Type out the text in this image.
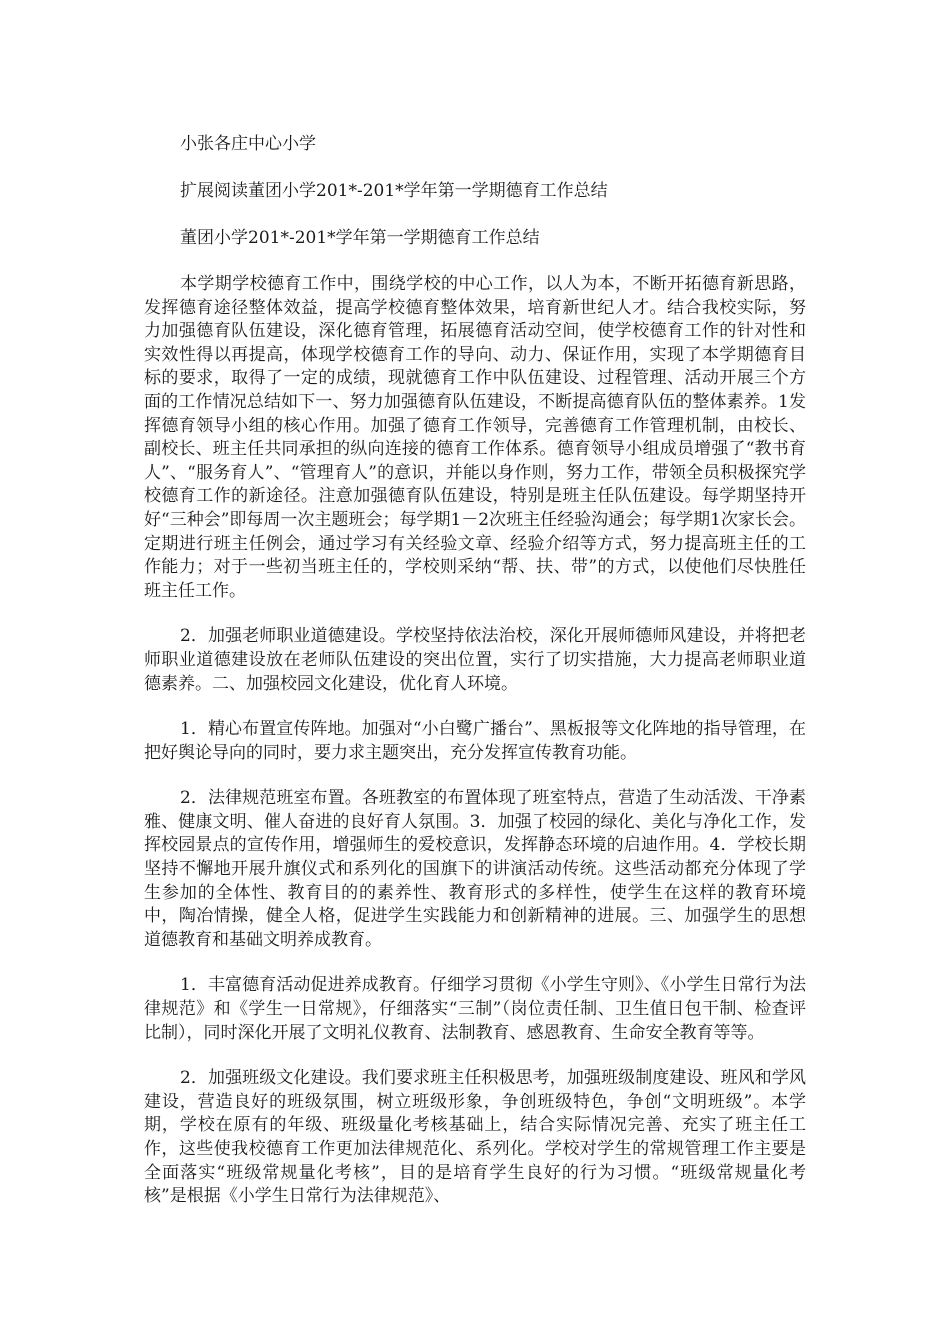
小张各庄中心小学
扩展阅读董团小学201*-201*学年第一学期德育工作总结
董团小学201*-201*学年第一学期德育工作总结

本学期学校德育工作中，围绕学校的中心工作，以人为本，不断开拓德育新思路，发挥德育途径整体效益，提高学校德育整体效果，培育新世纪人才。结合我校实际，努力加强德育队伍建设，深化德育管理，拓展德育活动空间，使学校德育工作的针对性和实效性得以再提高，体现学校德育工作的导向、动力、保证作用，实现了本学期德育目标的要求，取得了一定的成绩，现就德育工作中队伍建设、过程管理、活动开展三个方面的工作情况总结如下一、努力加强德育队伍建设，不断提高德育队伍的整体素养。1发挥德育领导小组的核心作用。加强了德育工作领导，完善德育工作管理机制，由校长、副校长、班主任共同承担的纵向连接的德育工作体系。德育领导小组成员增强了“教书育人”、“服务育人”、“管理育人”的意识，并能以身作则，努力工作，带领全员积极探究学校德育工作的新途径。注意加强德育队伍建设，特别是班主任队伍建设。每学期坚持开好“三种会”即每周一次主题班会；每学期1－2次班主任经验沟通会；每学期1次家长会。定期进行班主任例会，通过学习有关经验文章、经验介绍等方式，努力提高班主任的工作能力；对于一些初当班主任的，学校则采纳“帮、扶、带”的方式，以使他们尽快胜任班主任工作。

2．加强老师职业道德建设。学校坚持依法治校，深化开展师德师风建设，并将把老师职业道德建设放在老师队伍建设的突出位置，实行了切实措施，大力提高老师职业道德素养。二、加强校园文化建设，优化育人环境。

1．精心布置宣传阵地。加强对“小白鹭广播台”、黑板报等文化阵地的指导管理，在把好舆论导向的同时，要力求主题突出，充分发挥宣传教育功能。

2．法律规范班室布置。各班教室的布置体现了班室特点，营造了生动活泼、干净素雅、健康文明、催人奋进的良好育人氛围。3．加强了校园的绿化、美化与净化工作，发挥校园景点的宣传作用，增强师生的爱校意识，发挥静态环境的启迪作用。4．学校长期坚持不懈地开展升旗仪式和系列化的国旗下的讲演活动传统。这些活动都充分体现了学生参加的全体性、教育目的的素养性、教育形式的多样性，使学生在这样的教育环境中，陶冶情操，健全人格，促进学生实践能力和创新精神的进展。三、加强学生的思想道德教育和基础文明养成教育。

1．丰富德育活动促进养成教育。仔细学习贯彻《小学生守则》、《小学生日常行为法律规范》和《学生一日常规》，仔细落实“三制”（岗位责任制、卫生值日包干制、检查评比制），同时深化开展了文明礼仪教育、法制教育、感恩教育、生命安全教育等等。

2．加强班级文化建设。我们要求班主任积极思考，加强班级制度建设、班风和学风建设，营造良好的班级氛围，树立班级形象，争创班级特色，争创“文明班级”。本学期，学校在原有的年级、班级量化考核基础上，结合实际情况完善、充实了班主任工作，这些使我校德育工作更加法律规范化、系列化。学校对学生的常规管理工作主要是全面落实“班级常规量化考核”，目的是培育学生良好的行为习惯。“班级常规量化考核”是根据《小学生日常行为法律规范》、
